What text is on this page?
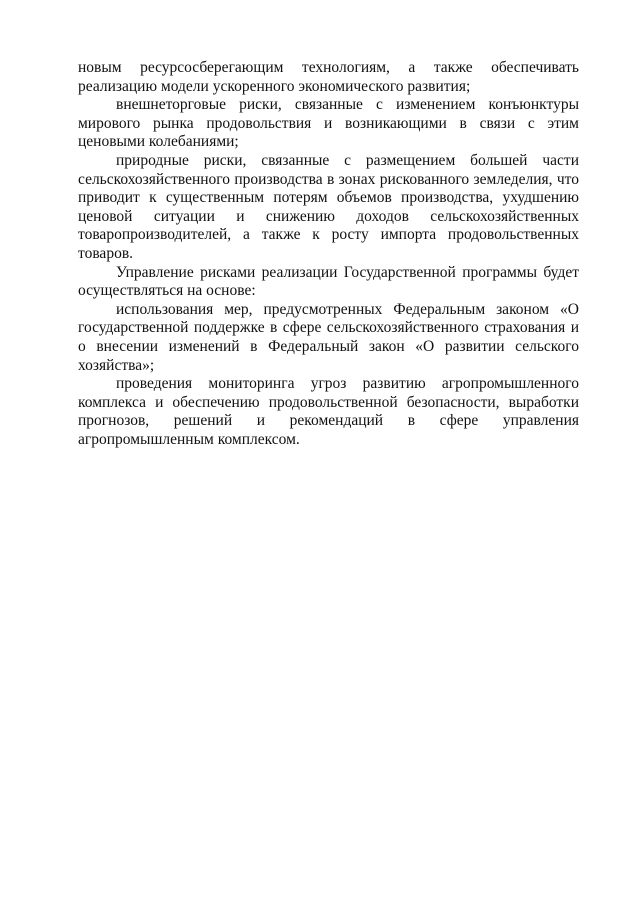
новым ресурсосберегающим технологиям, а также обеспечивать реализацию модели ускоренного экономического развития;

внешнеторговые риски, связанные с изменением конъюнктуры мирового рынка продовольствия и возникающими в связи с этим ценовыми колебаниями;

природные риски, связанные с размещением большей части сельскохозяйственного производства в зонах рискованного земледелия, что приводит к существенным потерям объемов производства, ухудшению ценовой ситуации и снижению доходов сельскохозяйственных товаропроизводителей, а также к росту импорта продовольственных товаров.

Управление рисками реализации Государственной программы будет осуществляться на основе:

использования мер, предусмотренных Федеральным законом «О государственной поддержке в сфере сельскохозяйственного страхования и о внесении изменений в Федеральный закон «О развитии сельского хозяйства»;

проведения мониторинга угроз развитию агропромышленного комплекса и обеспечению продовольственной безопасности, выработки прогнозов, решений и рекомендаций в сфере управления агропромышленным комплексом.
